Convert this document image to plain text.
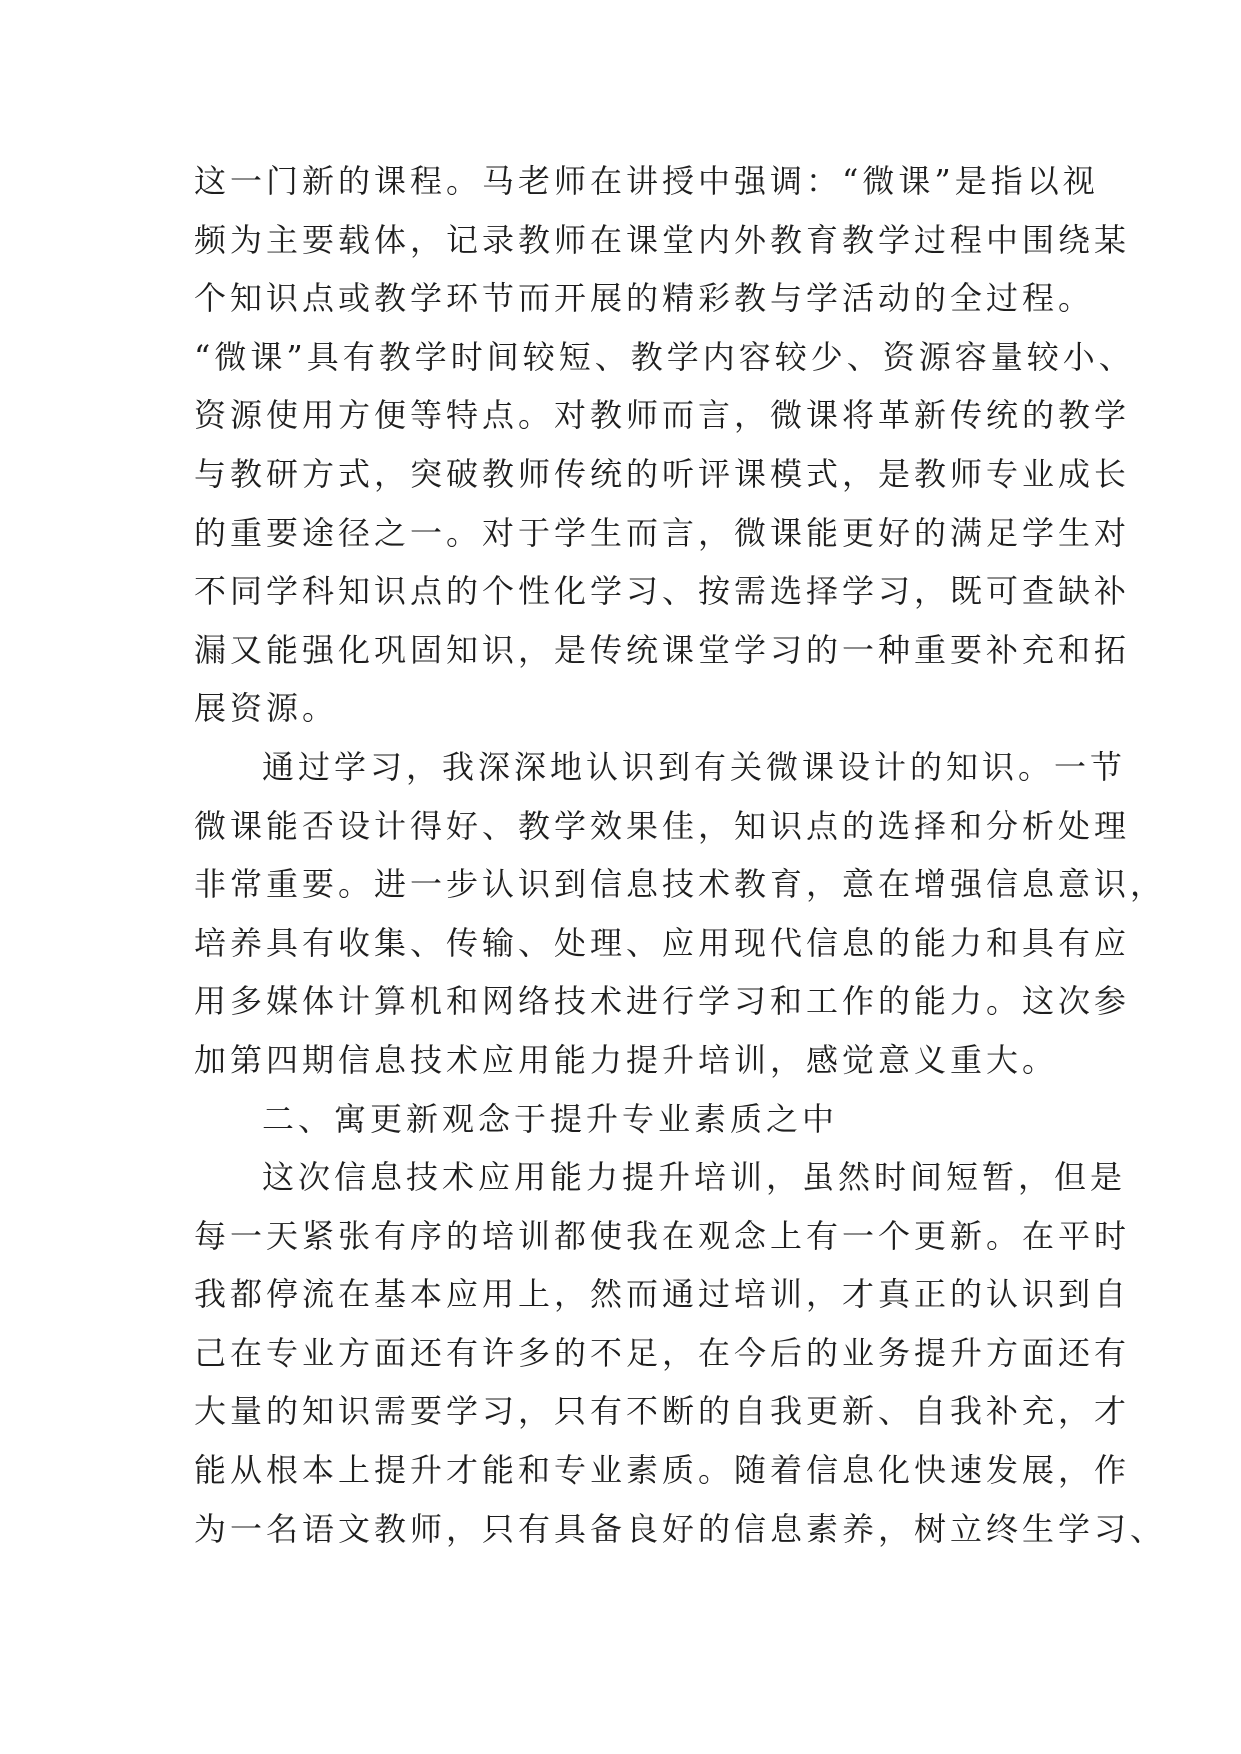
这一门新的课程。马老师在讲授中强调：“微课”是指以视
频为主要载体，记录教师在课堂内外教育教学过程中围绕某
个知识点或教学环节而开展的精彩教与学活动的全过程。
“微课”具有教学时间较短、教学内容较少、资源容量较小、
资源使用方便等特点。对教师而言，微课将革新传统的教学
与教研方式，突破教师传统的听评课模式，是教师专业成长
的重要途径之一。对于学生而言，微课能更好的满足学生对
不同学科知识点的个性化学习、按需选择学习，既可查缺补
漏又能强化巩固知识，是传统课堂学习的一种重要补充和拓
展资源。
通过学习，我深深地认识到有关微课设计的知识。一节
微课能否设计得好、教学效果佳，知识点的选择和分析处理
非常重要。进一步认识到信息技术教育，意在增强信息意识，
培养具有收集、传输、处理、应用现代信息的能力和具有应
用多媒体计算机和网络技术进行学习和工作的能力。这次参
加第四期信息技术应用能力提升培训，感觉意义重大。
二、寓更新观念于提升专业素质之中
这次信息技术应用能力提升培训，虽然时间短暂，但是
每一天紧张有序的培训都使我在观念上有一个更新。在平时
我都停流在基本应用上，然而通过培训，才真正的认识到自
己在专业方面还有许多的不足，在今后的业务提升方面还有
大量的知识需要学习，只有不断的自我更新、自我补充，才
能从根本上提升才能和专业素质。随着信息化快速发展，作
为一名语文教师，只有具备良好的信息素养，树立终生学习、
